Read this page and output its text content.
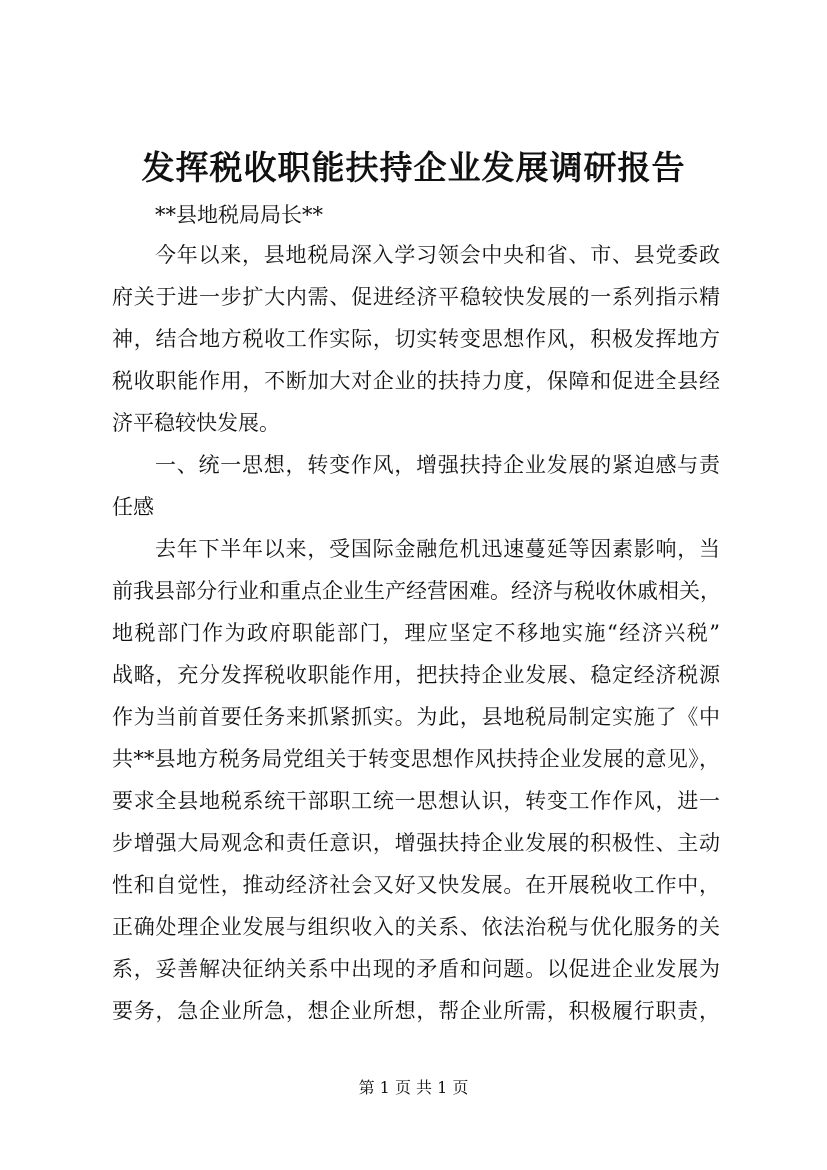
发挥税收职能扶持企业发展调研报告
**县地税局局长**
今年以来，县地税局深入学习领会中央和省、市、县党委政
府关于进一步扩大内需、促进经济平稳较快发展的一系列指示精
神，结合地方税收工作实际，切实转变思想作风，积极发挥地方
税收职能作用，不断加大对企业的扶持力度，保障和促进全县经
济平稳较快发展。
一、统一思想，转变作风，增强扶持企业发展的紧迫感与责
任感
去年下半年以来，受国际金融危机迅速蔓延等因素影响，当
前我县部分行业和重点企业生产经营困难。经济与税收休戚相关，
地税部门作为政府职能部门，理应坚定不移地实施“经济兴税”
战略，充分发挥税收职能作用，把扶持企业发展、稳定经济税源
作为当前首要任务来抓紧抓实。为此，县地税局制定实施了《中
共**县地方税务局党组关于转变思想作风扶持企业发展的意见》，
要求全县地税系统干部职工统一思想认识，转变工作作风，进一
步增强大局观念和责任意识，增强扶持企业发展的积极性、主动
性和自觉性，推动经济社会又好又快发展。在开展税收工作中，
正确处理企业发展与组织收入的关系、依法治税与优化服务的关
系，妥善解决征纳关系中出现的矛盾和问题。以促进企业发展为
要务，急企业所急，想企业所想，帮企业所需，积极履行职责，
第 1 页 共 1 页
